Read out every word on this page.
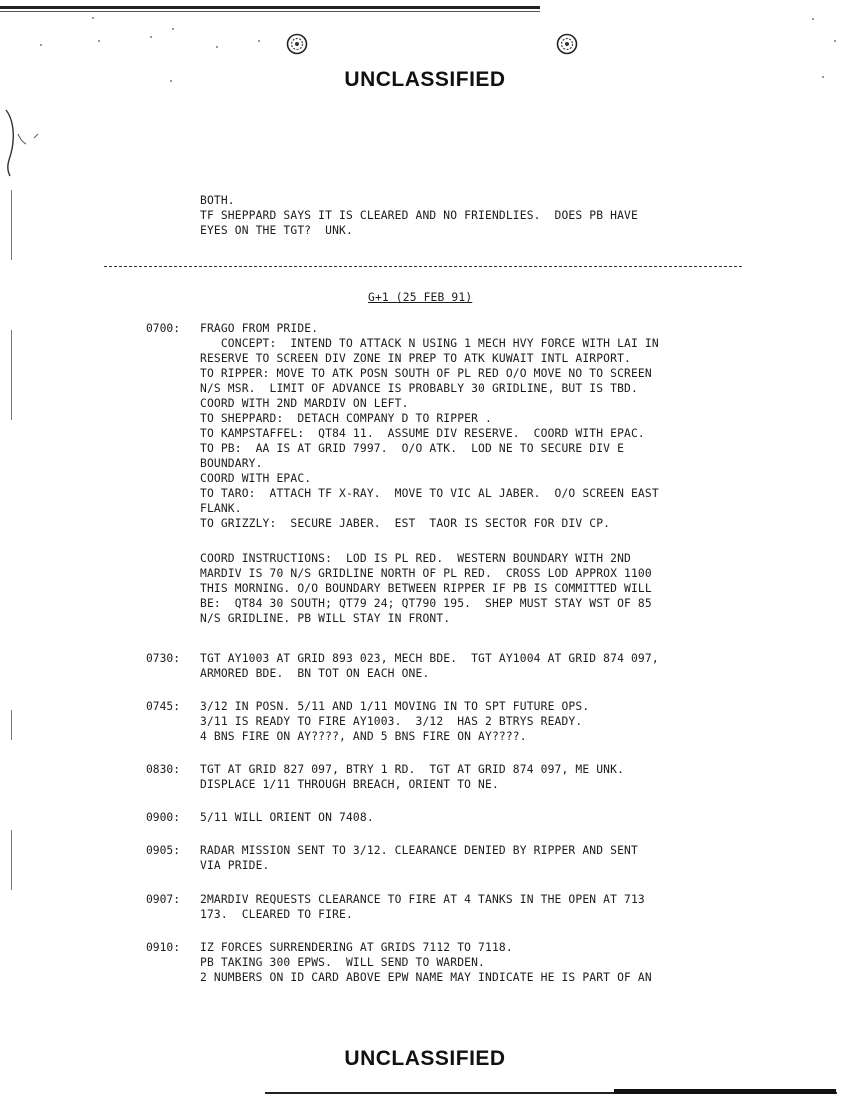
UNCLASSIFIED
BOTH.
TF SHEPPARD SAYS IT IS CLEARED AND NO FRIENDLIES.  DOES PB HAVE
EYES ON THE TGT?  UNK.
G+1 (25 FEB 91)
0700: FRAGO FROM PRIDE.
CONCEPT:  INTEND TO ATTACK N USING 1 MECH HVY FORCE WITH LAI IN
RESERVE TO SCREEN DIV ZONE IN PREP TO ATK KUWAIT INTL AIRPORT.
TO RIPPER: MOVE TO ATK POSN SOUTH OF PL RED O/O MOVE NO TO SCREEN
N/S MSR.  LIMIT OF ADVANCE IS PROBABLY 30 GRIDLINE, BUT IS TBD.
COORD WITH 2ND MARDIV ON LEFT.
TO SHEPPARD:  DETACH COMPANY D TO RIPPER .
TO KAMPSTAFFEL:  QT84 11.  ASSUME DIV RESERVE.  COORD WITH EPAC.
TO PB:  AA IS AT GRID 7997.  O/O ATK.  LOD NE TO SECURE DIV E
BOUNDARY.
COORD WITH EPAC.
TO TARO:  ATTACH TF X-RAY.  MOVE TO VIC AL JABER.  O/O SCREEN EAST
FLANK.
TO GRIZZLY:  SECURE JABER.  EST  TAOR IS SECTOR FOR DIV CP.
COORD INSTRUCTIONS:  LOD IS PL RED.  WESTERN BOUNDARY WITH 2ND
MARDIV IS 70 N/S GRIDLINE NORTH OF PL RED.  CROSS LOD APPROX 1100
THIS MORNING. O/O BOUNDARY BETWEEN RIPPER IF PB IS COMMITTED WILL
BE:  QT84 30 SOUTH; QT79 24; QT790 195.  SHEP MUST STAY WST OF 85
N/S GRIDLINE. PB WILL STAY IN FRONT.
0730: TGT AY1003 AT GRID 893 023, MECH BDE.  TGT AY1004 AT GRID 874 097,
ARMORED BDE.  BN TOT ON EACH ONE.
0745: 3/12 IN POSN. 5/11 AND 1/11 MOVING IN TO SPT FUTURE OPS.
3/11 IS READY TO FIRE AY1003.  3/12  HAS 2 BTRYS READY.
4 BNS FIRE ON AY????, AND 5 BNS FIRE ON AY????.
0830: TGT AT GRID 827 097, BTRY 1 RD.  TGT AT GRID 874 097, ME UNK.
DISPLACE 1/11 THROUGH BREACH, ORIENT TO NE.
0900: 5/11 WILL ORIENT ON 7408.
0905: RADAR MISSION SENT TO 3/12. CLEARANCE DENIED BY RIPPER AND SENT
VIA PRIDE.
0907: 2MARDIV REQUESTS CLEARANCE TO FIRE AT 4 TANKS IN THE OPEN AT 713
173.  CLEARED TO FIRE.
0910: IZ FORCES SURRENDERING AT GRIDS 7112 TO 7118.
PB TAKING 300 EPWS.  WILL SEND TO WARDEN.
2 NUMBERS ON ID CARD ABOVE EPW NAME MAY INDICATE HE IS PART OF AN
UNCLASSIFIED
